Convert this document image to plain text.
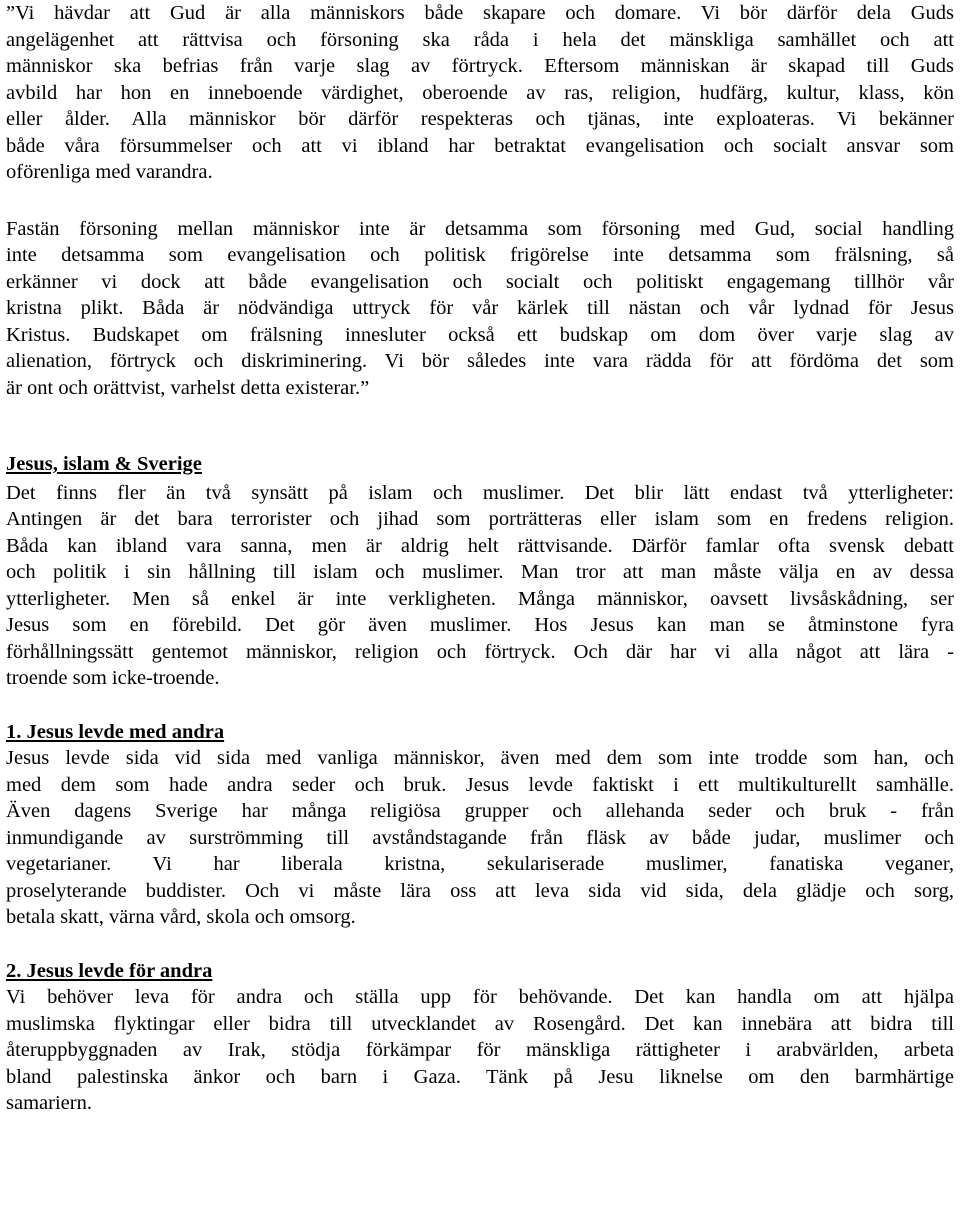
”Vi hävdar att Gud är alla människors både skapare och domare. Vi bör därför dela Guds
angelägenhet att rättvisa och försoning ska råda i hela det mänskliga samhället och att
människor ska befrias från varje slag av förtryck. Eftersom människan är skapad till Guds
avbild har hon en inneboende värdighet, oberoende av ras, religion, hudfärg, kultur, klass, kön
eller ålder. Alla människor bör därför respekteras och tjänas, inte exploateras. Vi bekänner
både våra försummelser och att vi ibland har betraktat evangelisation och socialt ansvar som
oförenliga med varandra.
Fastän försoning mellan människor inte är detsamma som försoning med Gud, social handling
inte detsamma som evangelisation och politisk frigörelse inte detsamma som frälsning, så
erkänner vi dock att både evangelisation och socialt och politiskt engagemang tillhör vår
kristna plikt. Båda är nödvändiga uttryck för vår kärlek till nästan och vår lydnad för Jesus
Kristus. Budskapet om frälsning innesluter också ett budskap om dom över varje slag av
alienation, förtryck och diskriminering. Vi bör således inte vara rädda för att fördöma det som
är ont och orättvist, varhelst detta existerar.”
Jesus, islam & Sverige
Det finns fler än två synsätt på islam och muslimer. Det blir lätt endast två ytterligheter:
Antingen är det bara terrorister och jihad som porträtteras eller islam som en fredens religion.
Båda kan ibland vara sanna, men är aldrig helt rättvisande. Därför famlar ofta svensk debatt
och politik i sin hållning till islam och muslimer. Man tror att man måste välja en av dessa
ytterligheter. Men så enkel är inte verkligheten. Många människor, oavsett livsåskådning, ser
Jesus som en förebild. Det gör även muslimer. Hos Jesus kan man se åtminstone fyra
förhållningssätt gentemot människor, religion och förtryck. Och där har vi alla något att lära -
troende som icke-troende.
1. Jesus levde med andra
Jesus levde sida vid sida med vanliga människor, även med dem som inte trodde som han, och
med dem som hade andra seder och bruk. Jesus levde faktiskt i ett multikulturellt samhälle.
Även dagens Sverige har många religiösa grupper och allehanda seder och bruk - från
inmundigande av surströmming till avståndstagande från fläsk av både judar, muslimer och
vegetarianer. Vi har liberala kristna, sekulariserade muslimer, fanatiska veganer,
proselyterande buddister. Och vi måste lära oss att leva sida vid sida, dela glädje och sorg,
betala skatt, värna vård, skola och omsorg.
2. Jesus levde för andra
Vi behöver leva för andra och ställa upp för behövande. Det kan handla om att hjälpa
muslimska flyktingar eller bidra till utvecklandet av Rosengård. Det kan innebära att bidra till
återuppbyggnaden av Irak, stödja förkämpar för mänskliga rättigheter i arabvärlden, arbeta
bland palestinska änkor och barn i Gaza. Tänk på Jesu liknelse om den barmhärtige
samariern.
